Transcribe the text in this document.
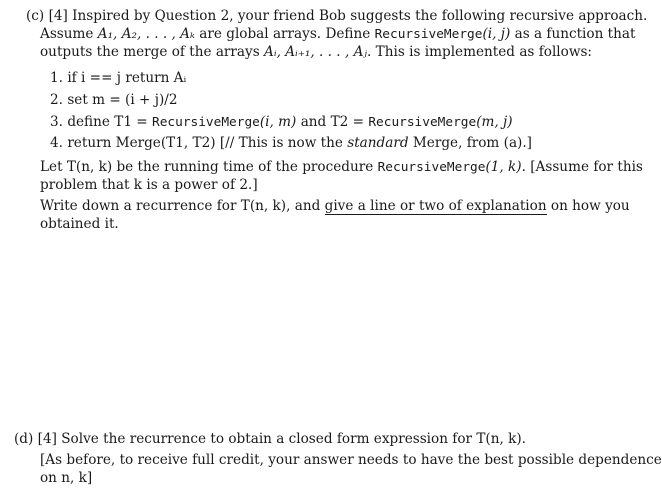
(c) [4] Inspired by Question 2, your friend Bob suggests the following recursive approach.
Assume A₁, A₂, . . . , Aₖ are global arrays. Define RecursiveMerge(i, j) as a function that
outputs the merge of the arrays Aᵢ, Aᵢ₊₁, . . . , Aⱼ. This is implemented as follows:
1. if i == j return Aᵢ
2. set m = (i + j)/2
3. define T1 = RecursiveMerge(i, m) and T2 = RecursiveMerge(m, j)
4. return Merge(T1, T2) [// This is now the standard Merge, from (a).]
Let T(n, k) be the running time of the procedure RecursiveMerge(1, k). [Assume for this
problem that k is a power of 2.]
Write down a recurrence for T(n, k), and give a line or two of explanation on how you
obtained it.
(d) [4] Solve the recurrence to obtain a closed form expression for T(n, k).
[As before, to receive full credit, your answer needs to have the best possible dependence
on n, k]
